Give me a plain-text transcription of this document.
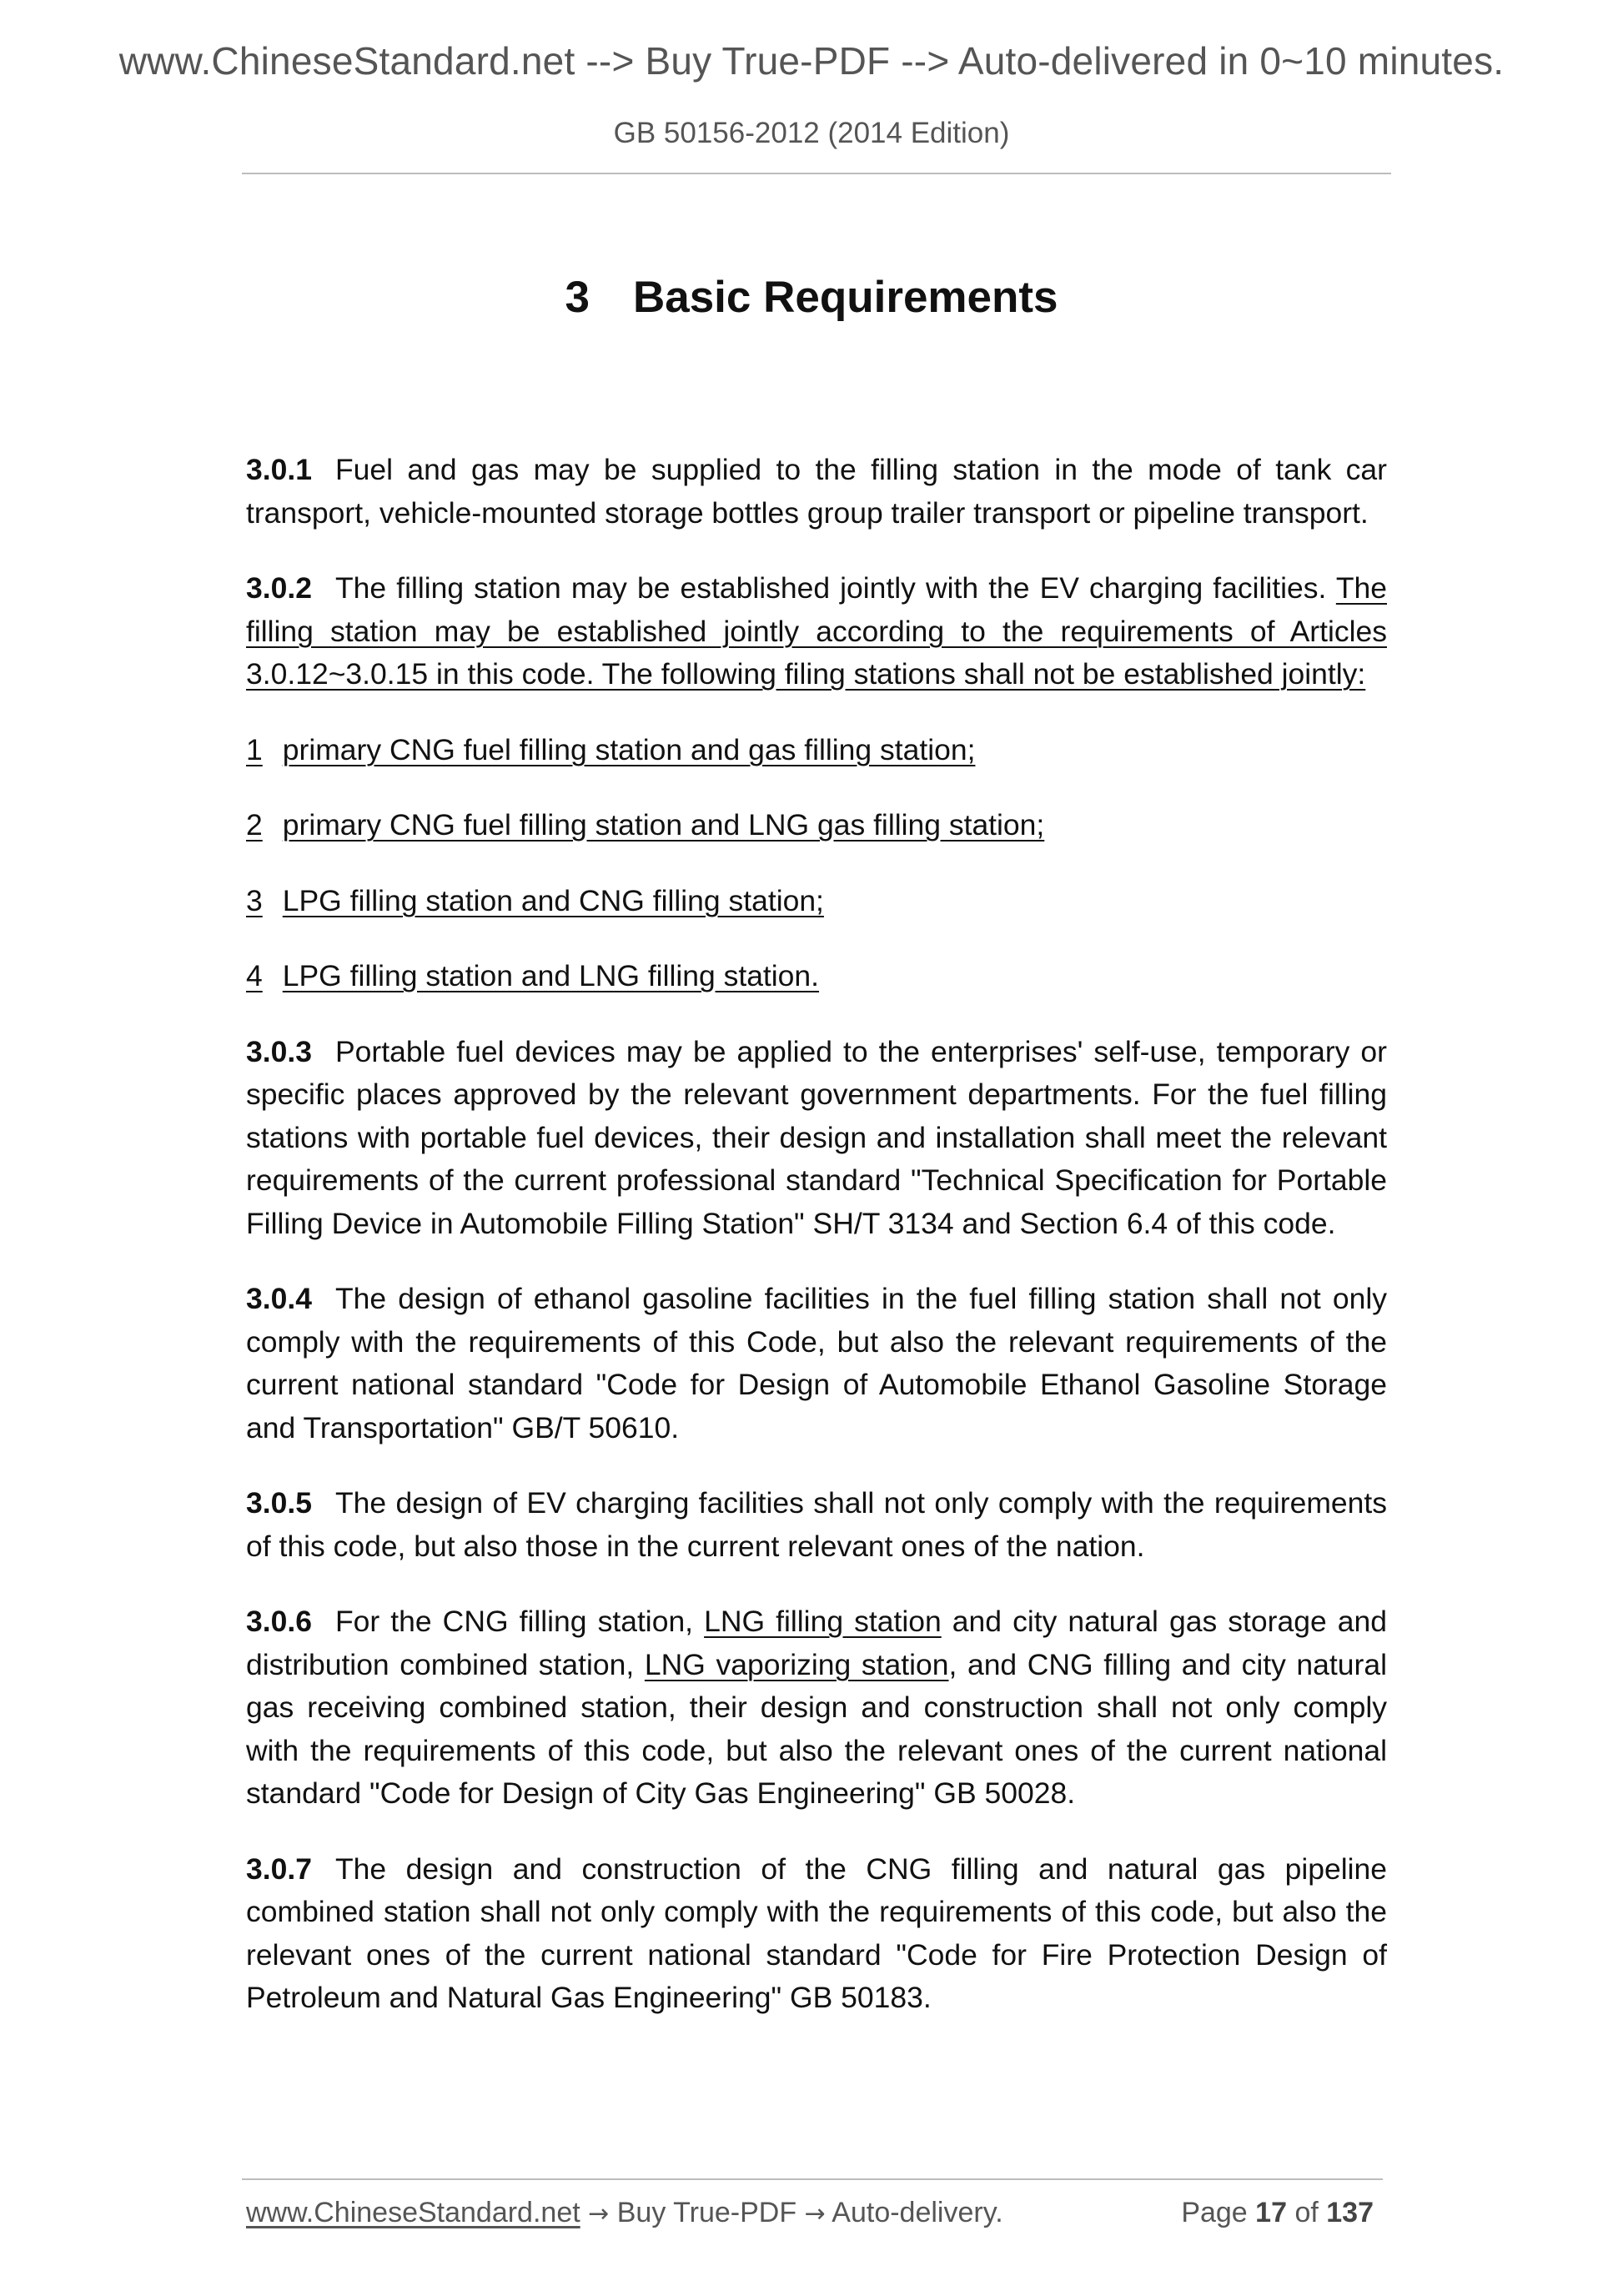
www.ChineseStandard.net --> Buy True-PDF --> Auto-delivered in 0~10 minutes.
GB 50156-2012 (2014 Edition)
3 Basic Requirements

3.0.1 Fuel and gas may be supplied to the filling station in the mode of tank car transport, vehicle-mounted storage bottles group trailer transport or pipeline transport.

3.0.2 The filling station may be established jointly with the EV charging facilities. The filling station may be established jointly according to the requirements of Articles 3.0.12~3.0.15 in this code. The following filing stations shall not be established jointly:

1 primary CNG fuel filling station and gas filling station;
2 primary CNG fuel filling station and LNG gas filling station;
3 LPG filling station and CNG filling station;
4 LPG filling station and LNG filling station.

3.0.3 Portable fuel devices may be applied to the enterprises' self-use, temporary or specific places approved by the relevant government departments. For the fuel filling stations with portable fuel devices, their design and installation shall meet the relevant requirements of the current professional standard "Technical Specification for Portable Filling Device in Automobile Filling Station" SH/T 3134 and Section 6.4 of this code.

3.0.4 The design of ethanol gasoline facilities in the fuel filling station shall not only comply with the requirements of this Code, but also the relevant requirements of the current national standard "Code for Design of Automobile Ethanol Gasoline Storage and Transportation" GB/T 50610.

3.0.5 The design of EV charging facilities shall not only comply with the requirements of this code, but also those in the current relevant ones of the nation.

3.0.6 For the CNG filling station, LNG filling station and city natural gas storage and distribution combined station, LNG vaporizing station, and CNG filling and city natural gas receiving combined station, their design and construction shall not only comply with the requirements of this code, but also the relevant ones of the current national standard "Code for Design of City Gas Engineering" GB 50028.

3.0.7 The design and construction of the CNG filling and natural gas pipeline combined station shall not only comply with the requirements of this code, but also the relevant ones of the current national standard "Code for Fire Protection Design of Petroleum and Natural Gas Engineering" GB 50183.

www.ChineseStandard.net → Buy True-PDF → Auto-delivery.	Page 17 of 137
